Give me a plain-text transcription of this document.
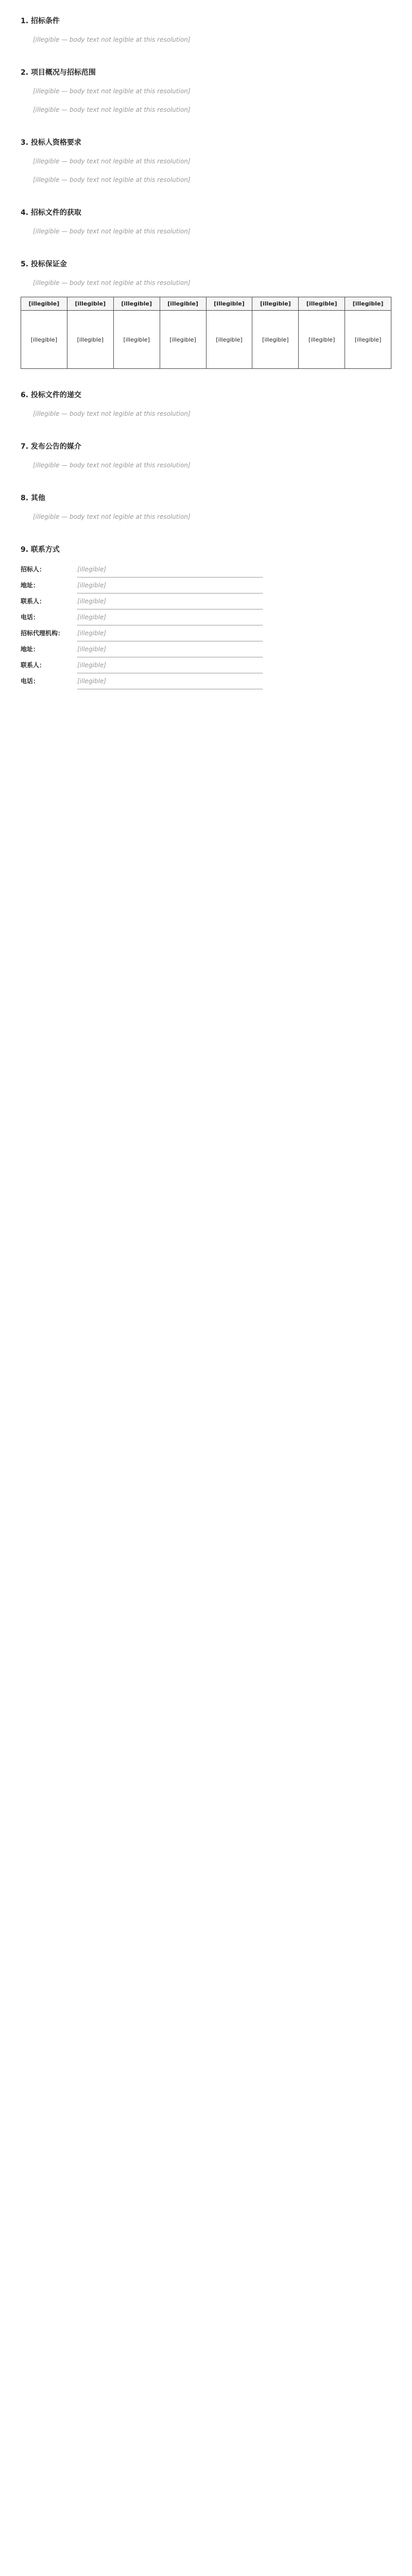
1. 招标条件

[illegible — body text not legible at this resolution]

2. 项目概况与招标范围

[illegible — body text not legible at this resolution]

[illegible — body text not legible at this resolution]

3. 投标人资格要求

[illegible — body text not legible at this resolution]

[illegible — body text not legible at this resolution]

4. 招标文件的获取

[illegible — body text not legible at this resolution]

5. 投标保证金

[illegible — body text not legible at this resolution]

[illegible]	[illegible]	[illegible]	[illegible]	[illegible]	[illegible]	[illegible]	[illegible]
[illegible]	[illegible]	[illegible]	[illegible]	[illegible]	[illegible]	[illegible]	[illegible]
6. 投标文件的递交

[illegible — body text not legible at this resolution]

7. 发布公告的媒介

[illegible — body text not legible at this resolution]

8. 其他

[illegible — body text not legible at this resolution]

9. 联系方式
招标人：	[illegible]
地址：	[illegible]
联系人：	[illegible]
电话：	[illegible]
招标代理机构：	[illegible]
地址：	[illegible]
联系人：	[illegible]
电话：	[illegible]
